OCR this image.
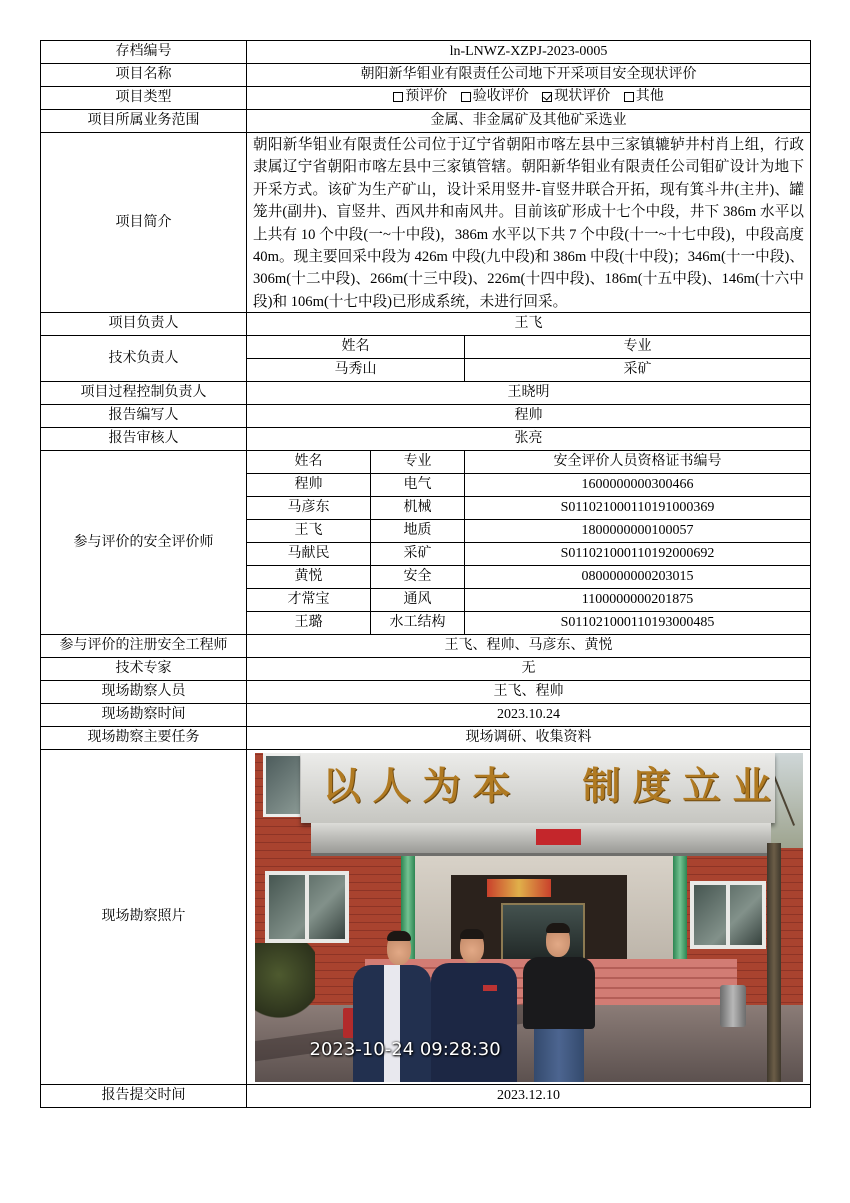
存档编号	ln-LNWZ-XZPJ-2023-0005		
项目名称	朝阳新华钼业有限责任公司地下开采项目安全现状评价		
项目类型	预评价
验收评价
现状评价
其他		

项目所属业务范围	金属、非金属矿及其他矿采选业		
项目简介	朝阳新华钼业有限责任公司位于辽宁省朝阳市喀左县中三家镇辘轳井村肖上组，行政隶属辽宁省朝阳市喀左县中三家镇管辖。朝阳新华钼业有限责任公司钼矿设计为地下开采方式。该矿为生产矿山，设计采用竖井-盲竖井联合开拓，现有箕斗井(主井)、罐笼井(副井)、盲竖井、西风井和南风井。目前该矿形成十七个中段，井下 386m 水平以上共有 10 个中段(一~十中段)，386m 水平以下共 7 个中段(十一~十七中段)，中段高度 40m。现主要回采中段为 426m 中段(九中段)和 386m 中段(十中段)；346m(十一中段)、306m(十二中段)、266m(十三中段)、226m(十四中段)、186m(十五中段)、146m(十六中段)和 106m(十七中段)已形成系统，未进行回采。		

项目负责人	王飞		
技术负责人	姓名		专业
	马秀山		采矿
项目过程控制负责人	王晓明		
报告编写人	程帅		
报告审核人	张亮		
参与评价的安全评价师	姓名	专业	安全评价人员资格证书编号
	程帅	电气	1600000000300466
	马彦东	机械	S011021000110191000369
	王飞	地质	1800000000100057
	马献民	采矿	S011021000110192000692
	黄悦	安全	0800000000203015
	才常宝	通风	1100000000201875
	王璐	水工结构	S011021000110193000485
参与评价的注册安全工程师	王飞、程帅、马彦东、黄悦		
技术专家	无		
现场勘察人员	王飞、程帅		
现场勘察时间	2023.10.24		
现场勘察主要任务	现场调研、收集资料		
现场勘察照片	以人为本 制度立业
2023-10-24 09:28:30		

报告提交时间	2023.12.10		
